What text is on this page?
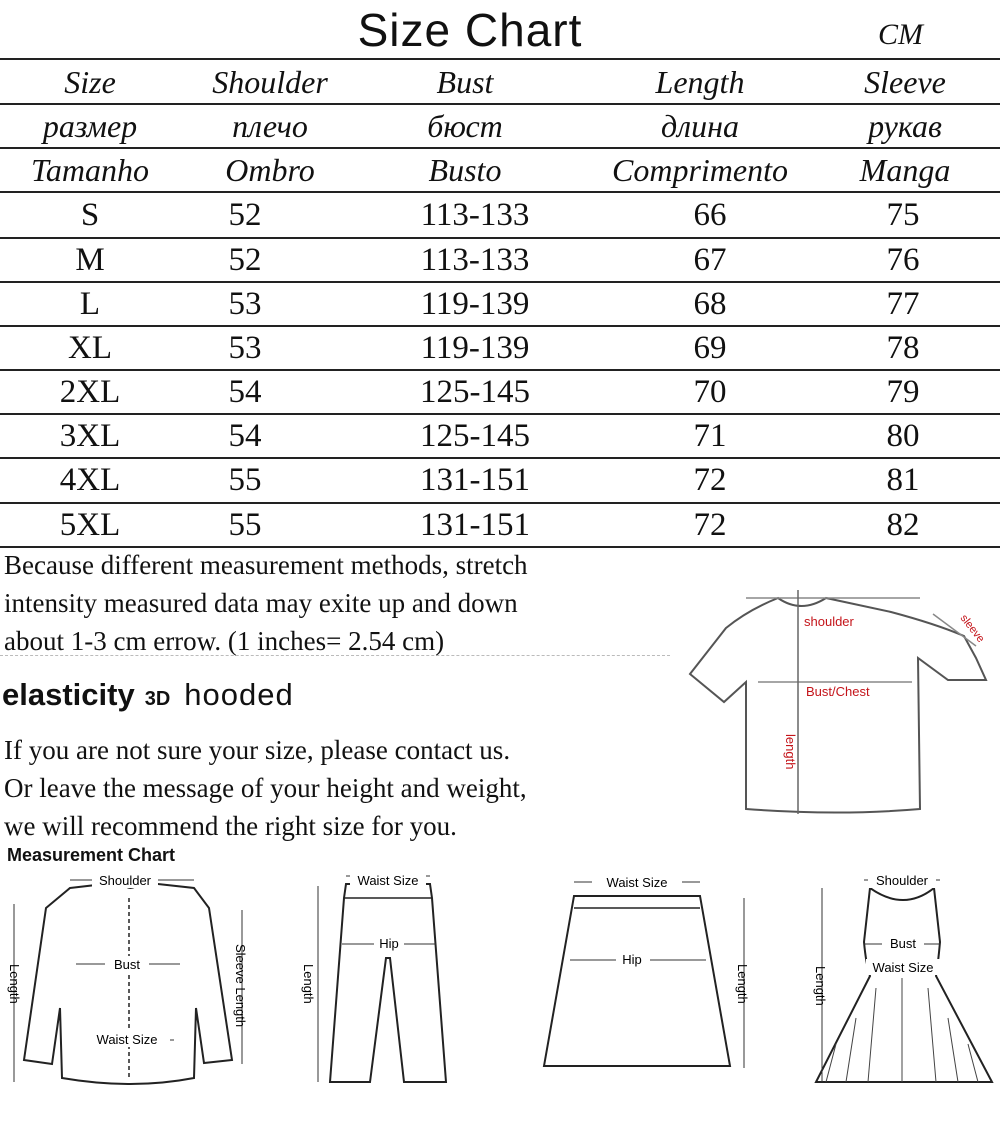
Size Chart	CM
Size	Shoulder	Bust	Length	Sleeve
размер	плечо	бюст	длина	рукав
Tamanho	Ombro	Busto	Comprimento	Manga
S	52	113-133	66	75
M	52	113-133	67	76
L	53	119-139	68	77
XL	53	119-139	69	78
2XL	54	125-145	70	79
3XL	54	125-145	71	80
4XL	55	131-151	72	81
5XL	55	131-151	72	82
Because different measurement methods, stretch
intensity measured data may exite up and down
about 1-3 cm errow. (1 inches= 2.54 cm)
elasticity 3D hooded
If you are not sure your size, please contact us.
Or leave the message of your height and weight,
we will recommend the right size for you.
shoulder	sleeve
Bust/Chest
length
Measurement Chart
Shoulder
Bust
Waist Size
Length	Sleeve Length
Waist Size
Hip
Length
Waist Size
Hip
Length
Shoulder
Bust
Waist Size
Length
